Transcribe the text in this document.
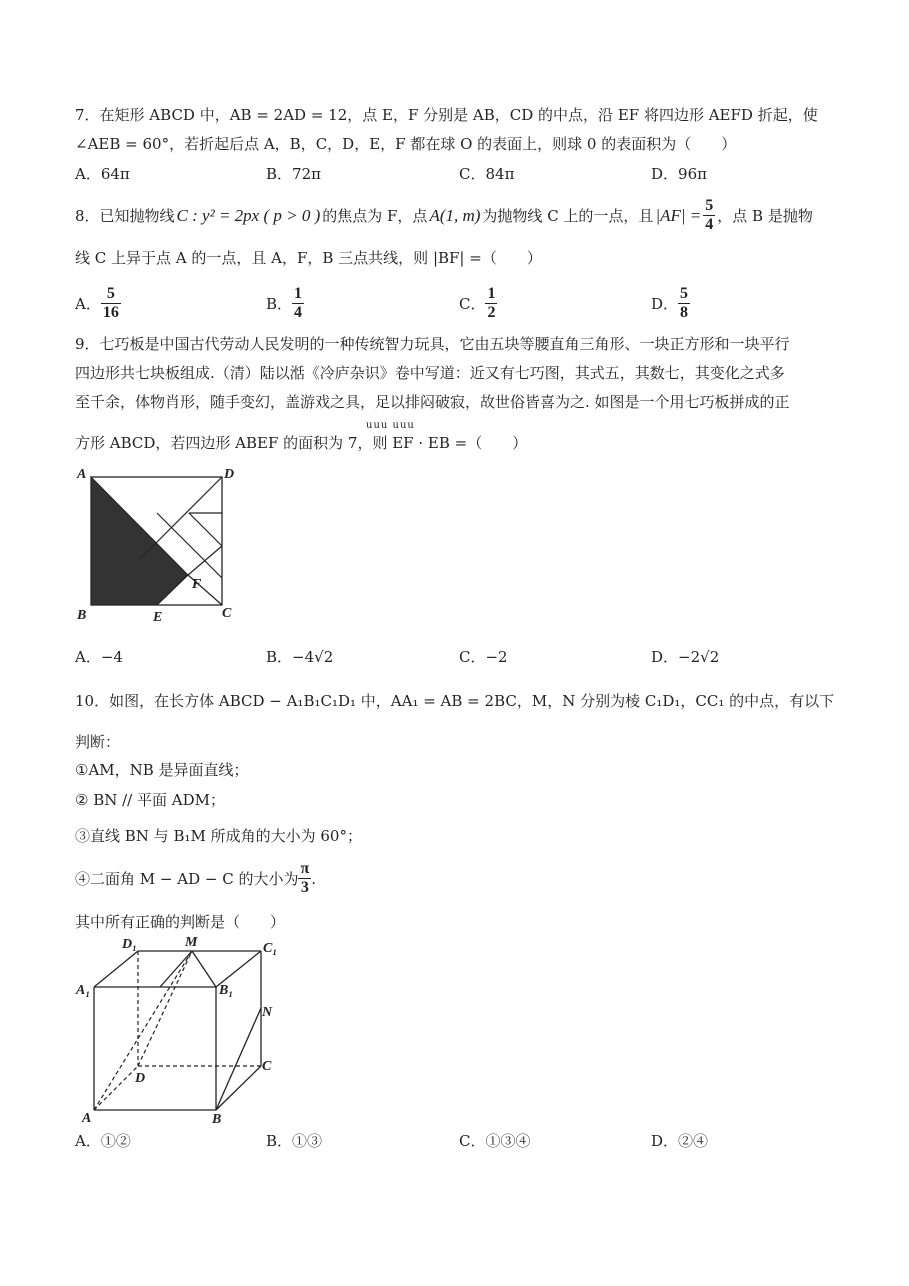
7．在矩形 ABCD 中，AB = 2AD = 12，点 E，F 分别是 AB，CD 的中点，沿 EF 将四边形 AEFD 折起，使
∠AEB = 60°，若折起后点 A，B，C，D，E，F 都在球 O 的表面上，则球 0 的表面积为（　　）
A．64π	B．72π	C．84π	D．96π
8．已知抛物线 C : y² = 2px ( p > 0 ) 的焦点为 F，点 A(1, m) 为抛物线 C 上的一点，且 $|AF| = \frac{5}{4}$ ，点 B 是抛物
线 C 上异于点 A 的一点，且 A，F，B 三点共线，则 |BF| =（　　）
A． $\frac{5}{16}$	B． $\frac{1}{4}$	C． $\frac{1}{2}$	D． $\frac{5}{8}$
9．七巧板是中国古代劳动人民发明的一种传统智力玩具，它由五块等腰直角三角形、一块正方形和一块平行
四边形共七块板组成.（清）陆以湉《冷庐杂识》卷中写道：近又有七巧图，其式五，其数七，其变化之式多
至千余，体物肖形，随手变幻，盖游戏之具，足以排闷破寂，故世俗皆喜为之. 如图是一个用七巧板拼成的正
uuu uuu
方形 ABCD，若四边形 ABEF 的面积为 7，则 EF · EB =（　　）
A	D
B	C
E
F
A．−4	B．−4√2	C．−2	D．−2√2
10．如图，在长方体 ABCD − A₁B₁C₁D₁ 中，AA₁ = AB = 2BC，M，N 分别为棱 C₁D₁，CC₁ 的中点，有以下
判断：
①AM，NB 是异面直线；
② BN // 平面 ADM；
③直线 BN 与 B₁M 所成角的大小为 60°；
④二面角 M − AD − C 的大小为 $\frac{\pi}{3}$ .
其中所有正确的判断是（　　）
D₁	M	C₁
A₁	B₁
N
C
D
A	B
A．①②	B．①③	C．①③④	D．②④
